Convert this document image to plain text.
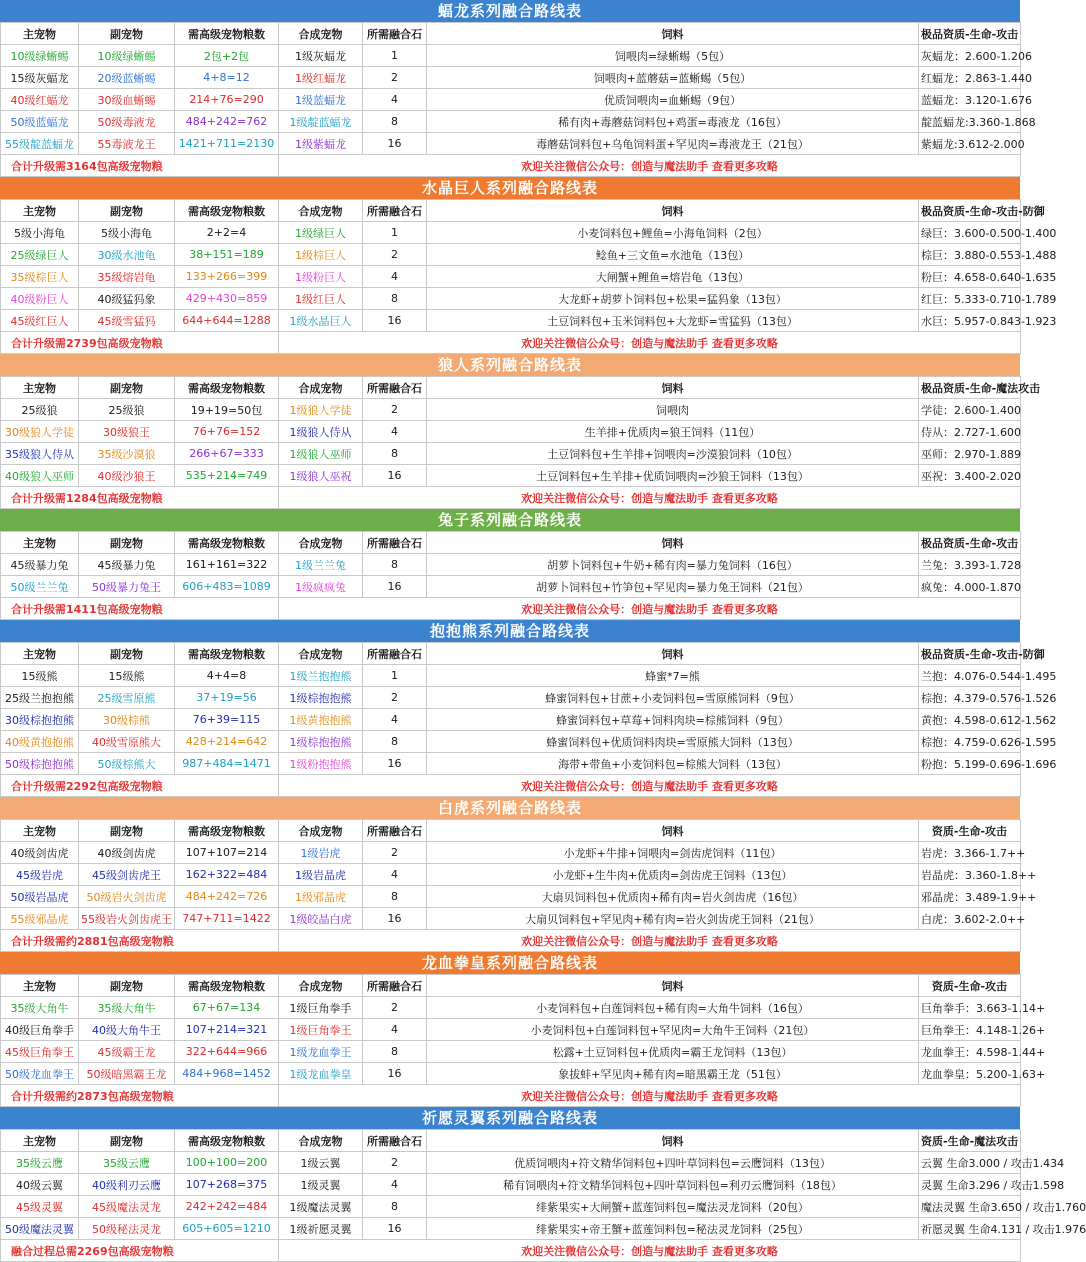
蝠龙系列融合路线表
主宠物	副宠物	需高级宠物粮数	合成宠物	所需融合石	饲料	极品资质-生命-攻击
10级绿蜥蜴	10级绿蜥蜴	2包+2包	1级灰蝠龙	1	饲喂肉=绿蜥蜴（5包）	灰蝠龙：2.600-1.206
15级灰蝠龙	20级蓝蜥蜴	4+8=12	1级红蝠龙	2	饲喂肉+蓝蘑菇=蓝蜥蜴（5包）	红蝠龙：2.863-1.440
40级红蝠龙	30级血蜥蜴	214+76=290	1级蓝蝠龙	4	优质饲喂肉=血蜥蜴（9包）	蓝蝠龙：3.120-1.676
50级蓝蝠龙	50级毒液龙	484+242=762	1级靛蓝蝠龙	8	稀有肉+毒蘑菇饲料包+鸡蛋=毒液龙（16包）	靛蓝蝠龙:3.360-1.868
55级靛蓝蝠龙	55毒液龙王	1421+711=2130	1级紫蝠龙	16	毒蘑菇饲料包+乌龟饲料蛋+罕见肉=毒液龙王（21包）	紫蝠龙:3.612-2.000
合计升级需3164包高级宠物粮			欢迎关注微信公众号：创造与魔法助手 查看更多攻略			
水晶巨人系列融合路线表
主宠物	副宠物	需高级宠物粮数	合成宠物	所需融合石	饲料	极品资质-生命-攻击-防御
5级小海龟	5级小海龟	2+2=4	1级绿巨人	1	小麦饲料包+鲤鱼=小海龟饲料（2包）	绿巨：3.600-0.500-1.400
25级绿巨人	30级水池龟	38+151=189	1级棕巨人	2	鲶鱼+三文鱼=水池龟（13包）	棕巨：3.880-0.553-1.488
35级棕巨人	35级熔岩龟	133+266=399	1级粉巨人	4	大闸蟹+鲤鱼=熔岩龟（13包）	粉巨：4.658-0.640-1.635
40级粉巨人	40级猛犸象	429+430=859	1级红巨人	8	大龙虾+胡萝卜饲料包+松果=猛犸象（13包）	红巨：5.333-0.710-1.789
45级红巨人	45级雪猛犸	644+644=1288	1级水晶巨人	16	土豆饲料包+玉米饲料包+大龙虾=雪猛犸（13包）	水巨：5.957-0.843-1.923
合计升级需2739包高级宠物粮			欢迎关注微信公众号：创造与魔法助手 查看更多攻略			
狼人系列融合路线表
主宠物	副宠物	需高级宠物粮数	合成宠物	所需融合石	饲料	极品资质-生命-魔法攻击
25级狼	25级狼	19+19=50包	1级狼人学徒	2	饲喂肉	学徒：2.600-1.400
30级狼人学徒	30级狼王	76+76=152	1级狼人侍从	4	生羊排+优质肉=狼王饲料（11包）	侍从：2.727-1.600
35级狼人侍从	35级沙漠狼	266+67=333	1级狼人巫师	8	土豆饲料包+生羊排+饲喂肉=沙漠狼饲料（10包）	巫师：2.970-1.889
40级狼人巫师	40级沙狼王	535+214=749	1级狼人巫祝	16	土豆饲料包+生羊排+优质饲喂肉=沙狼王饲料（13包）	巫祝：3.400-2.020
合计升级需1284包高级宠物粮			欢迎关注微信公众号：创造与魔法助手 查看更多攻略			
兔子系列融合路线表
主宠物	副宠物	需高级宠物粮数	合成宠物	所需融合石	饲料	极品资质-生命-攻击
45级暴力兔	45级暴力兔	161+161=322	1级兰兰兔	8	胡萝卜饲料包+牛奶+稀有肉=暴力兔饲料（16包）	兰兔：3.393-1.728
50级兰兰兔	50级暴力兔王	606+483=1089	1级疯疯兔	16	胡萝卜饲料包+竹笋包+罕见肉=暴力兔王饲料（21包）	疯兔：4.000-1.870
合计升级需1411包高级宠物粮			欢迎关注微信公众号：创造与魔法助手 查看更多攻略			
抱抱熊系列融合路线表
主宠物	副宠物	需高级宠物粮数	合成宠物	所需融合石	饲料	极品资质-生命-攻击-防御
15级熊	15级熊	4+4=8	1级兰抱抱熊	1	蜂蜜*7=熊	兰抱：4.076-0.544-1.495
25级兰抱抱熊	25级雪原熊	37+19=56	1级棕抱抱熊	2	蜂蜜饲料包+甘蔗+小麦饲料包=雪原熊饲料（9包）	棕抱：4.379-0.576-1.526
30级棕抱抱熊	30级棕熊	76+39=115	1级黄抱抱熊	4	蜂蜜饲料包+草莓+饲料肉块=棕熊饲料（9包）	黄抱：4.598-0.612-1.562
40级黄抱抱熊	40级雪原熊大	428+214=642	1级棕抱抱熊	8	蜂蜜饲料包+优质饲料肉块=雪原熊大饲料（13包）	棕抱：4.759-0.626-1.595
50级棕抱抱熊	50级棕熊大	987+484=1471	1级粉抱抱熊	16	海带+带鱼+小麦饲料包=棕熊大饲料（13包）	粉抱：5.199-0.696-1.696
合计升级需2292包高级宠物粮			欢迎关注微信公众号：创造与魔法助手 查看更多攻略			
白虎系列融合路线表
主宠物	副宠物	需高级宠物粮数	合成宠物	所需融合石	饲料	资质-生命-攻击
40级剑齿虎	40级剑齿虎	107+107=214	1级岩虎	2	小龙虾+牛排+饲喂肉=剑齿虎饲料（11包）	岩虎：3.366-1.7++
45级岩虎	45级剑齿虎王	162+322=484	1级岩晶虎	4	小龙虾+生牛肉+优质肉=剑齿虎王饲料（13包）	岩晶虎：3.360-1.8++
50级岩晶虎	50级岩火剑齿虎	484+242=726	1级邪晶虎	8	大扇贝饲料包+优质肉+稀有肉=岩火剑齿虎（16包）	邪晶虎：3.489-1.9++
55级邪晶虎	55级岩火剑齿虎王	747+711=1422	1级皎晶白虎	16	大扇贝饲料包+罕见肉+稀有肉=岩火剑齿虎王饲料（21包）	白虎：3.602-2.0++
合计升级需约2881包高级宠物粮			欢迎关注微信公众号：创造与魔法助手 查看更多攻略			
龙血拳皇系列融合路线表
主宠物	副宠物	需高级宠物粮数	合成宠物	所需融合石	饲料	资质-生命-攻击
35级大角牛	35级大角牛	67+67=134	1级巨角拳手	2	小麦饲料包+白莲饲料包+稀有肉=大角牛饲料（16包）	巨角拳手：3.663-1.14+
40级巨角拳手	40级大角牛王	107+214=321	1级巨角拳王	4	小麦饲料包+白莲饲料包+罕见肉=大角牛王饲料（21包）	巨角拳王：4.148-1.26+
45级巨角拳王	45级霸王龙	322+644=966	1级龙血拳王	8	松露+土豆饲料包+优质肉=霸王龙饲料（13包）	龙血拳王：4.598-1.44+
50级龙血拳王	50级暗黑霸王龙	484+968=1452	1级龙血拳皇	16	象拔蚌+罕见肉+稀有肉=暗黑霸王龙（51包）	龙血拳皇：5.200-1.63+
合计升级需约2873包高级宠物粮			欢迎关注微信公众号：创造与魔法助手 查看更多攻略			
祈愿灵翼系列融合路线表
主宠物	副宠物	需高级宠物粮数	合成宠物	所需融合石	饲料	资质-生命-魔法攻击
35级云鹰	35级云鹰	100+100=200	1级云翼	2	优质饲喂肉+符文精华饲料包+四叶草饲料包=云鹰饲料（13包）	云翼 生命3.000 / 攻击1.434
40级云翼	40级利刃云鹰	107+268=375	1级灵翼	4	稀有饲喂肉+符文精华饲料包+四叶草饲料包=利刃云鹰饲料（18包）	灵翼 生命3.296 / 攻击1.598
45级灵翼	45级魔法灵龙	242+242=484	1级魔法灵翼	8	绯紫果实+大闸蟹+蓝莲饲料包=魔法灵龙饲料（20包）	魔法灵翼 生命3.650 / 攻击1.760
50级魔法灵翼	50级秘法灵龙	605+605=1210	1级祈愿灵翼	16	绯紫果实+帝王蟹+蓝莲饲料包=秘法灵龙饲料（25包）	祈愿灵翼 生命4.131 / 攻击1.976
融合过程总需2269包高级宠物粮			欢迎关注微信公众号：创造与魔法助手 查看更多攻略			
